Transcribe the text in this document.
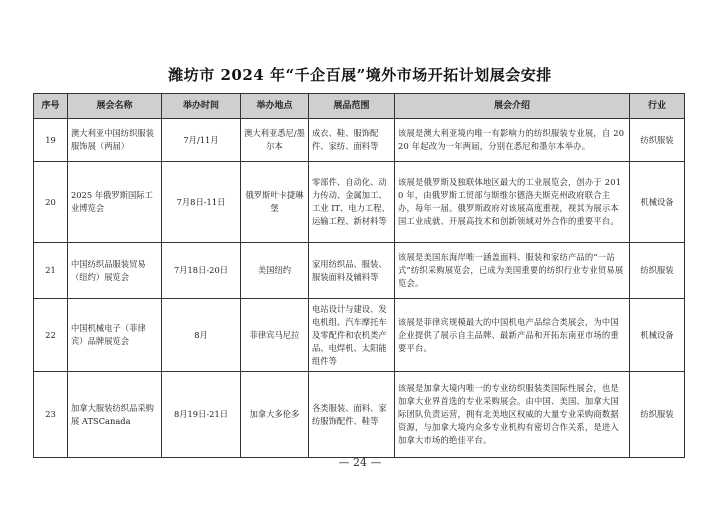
潍坊市 2024 年“千企百展”境外市场开拓计划展会安排
序号	展会名称	举办时间	举办地点	展品范围	展会介绍	行业
19	澳大利亚中国纺织服装服饰展（两届）	7月/11月	澳大利亚悉尼/墨尔本	成衣、鞋、服饰配件、家纺、面料等	该展是澳大利亚境内唯一有影响力的纺织服装专业展，自 2020 年起改为一年两届，分别在悉尼和墨尔本举办。	纺织服装
20	2025 年俄罗斯国际工业博览会	7月8日-11日	俄罗斯叶卡捷琳堡	零部件、自动化、动力传动、金属加工、工业 IT、电力工程、运输工程、新材料等	该展是俄罗斯及独联体地区最大的工业展览会，创办于 2010 年，由俄罗斯工贸部与斯维尔德洛夫斯克州政府联合主办，每年一届。俄罗斯政府对该展高度重视，视其为展示本国工业成就、开展高技术和创新领域对外合作的重要平台。	机械设备
21	中国纺织品服装贸易（纽约）展览会	7月18日-20日	美国纽约	家用纺织品、服装、服装面料及辅料等	该展是美国东海岸唯一涵盖面料、服装和家纺产品的“一站式”纺织采购展览会，已成为美国重要的纺织行业专业贸易展览会。	纺织服装
22	中国机械电子（菲律宾）品牌展览会	8月	菲律宾马尼拉	电站设计与建设、发电机组、汽车摩托车及零配件和农机类产品、电焊机、太阳能组件等	该展是菲律宾规模最大的中国机电产品综合类展会，为中国企业提供了展示自主品牌、最新产品和开拓东南亚市场的重要平台。	机械设备
23	加拿大服装纺织品采购展 ATSCanada	8月19日-21日	加拿大多伦多	各类服装、面料、家纺服饰配件、鞋等	该展是加拿大境内唯一的专业纺织服装类国际性展会，也是加拿大业界首选的专业采购展会。由中国、美国、加拿大国际团队负责运营，拥有北美地区权威的大量专业采购商数据资源，与加拿大境内众多专业机构有密切合作关系，是进入加拿大市场的绝佳平台。	纺织服装
— 24 —
